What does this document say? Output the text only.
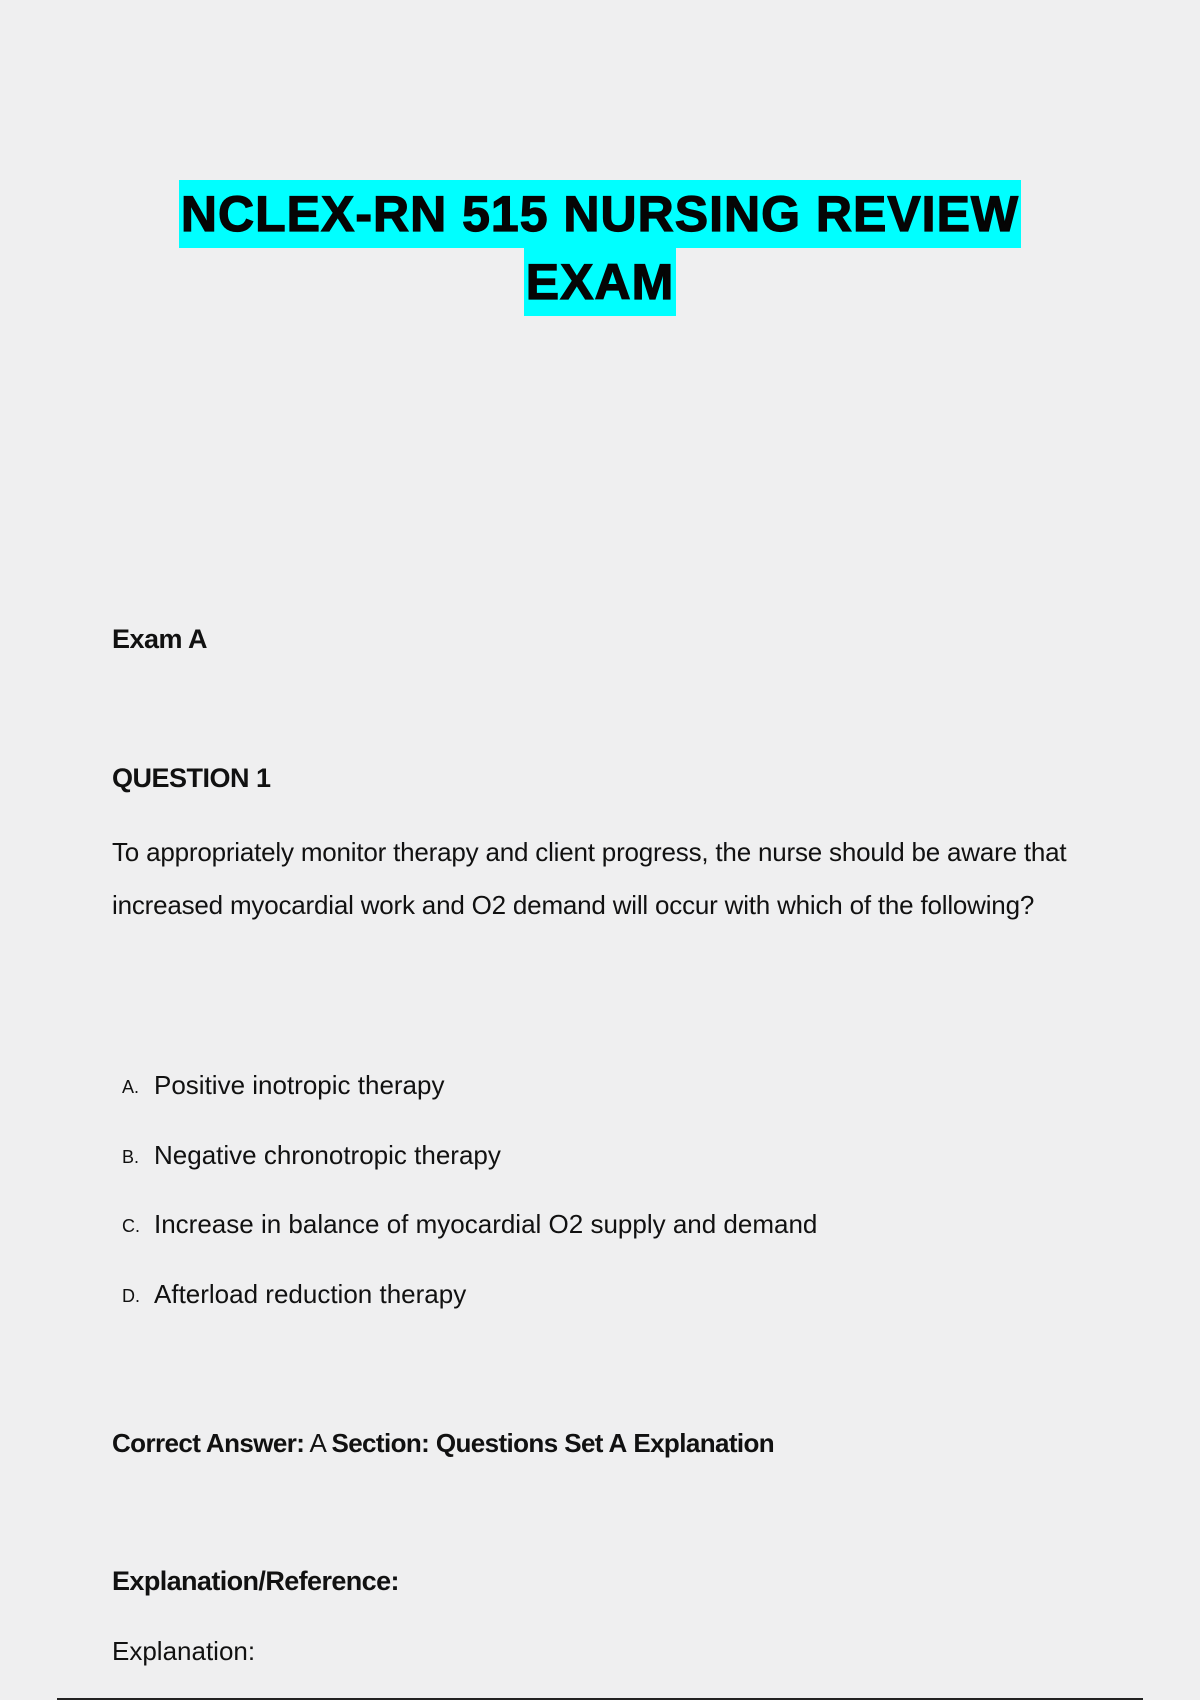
NCLEX-RN 515 NURSING REVIEW
EXAM
Exam A
QUESTION 1
To appropriately monitor therapy and client progress, the nurse should be aware that increased myocardial work and O2 demand will occur with which of the following?
A. Positive inotropic therapy
B. Negative chronotropic therapy
C. Increase in balance of myocardial O2 supply and demand
D. Afterload reduction therapy
Correct Answer: A Section: Questions Set A Explanation
Explanation/Reference:
Explanation:
